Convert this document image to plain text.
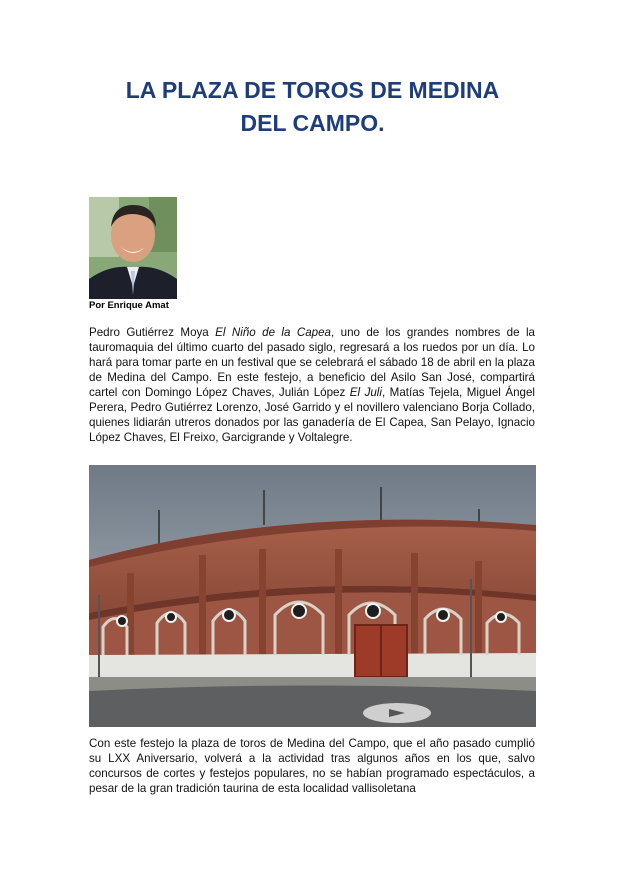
LA PLAZA DE TOROS DE MEDINA
DEL CAMPO.
Por Enrique Amat

Pedro Gutiérrez Moya El Niño de la Capea, uno de los grandes nombres de la tauromaquia del último cuarto del pasado siglo, regresará a los ruedos por un día. Lo hará para tomar parte en un festival que se celebrará el sábado 18 de abril en la plaza de Medina del Campo. En este festejo, a beneficio del Asilo San José, compartirá cartel con Domingo López Chaves, Julián López El Juli, Matías Tejela, Miguel Ángel Perera, Pedro Gutiérrez Lorenzo, José Garrido y el novillero valenciano Borja Collado, quienes lidiarán utreros donados por las ganadería de El Capea, San Pelayo, Ignacio López Chaves, El Freixo, Garcigrande y Voltalegre.

Con este festejo la plaza de toros de Medina del Campo, que el año pasado cumplió su LXX Aniversario, volverá a la actividad tras algunos años en los que, salvo concursos de cortes y festejos populares, no se habían programado espectáculos, a pesar de la gran tradición taurina de esta localidad vallisoletana
